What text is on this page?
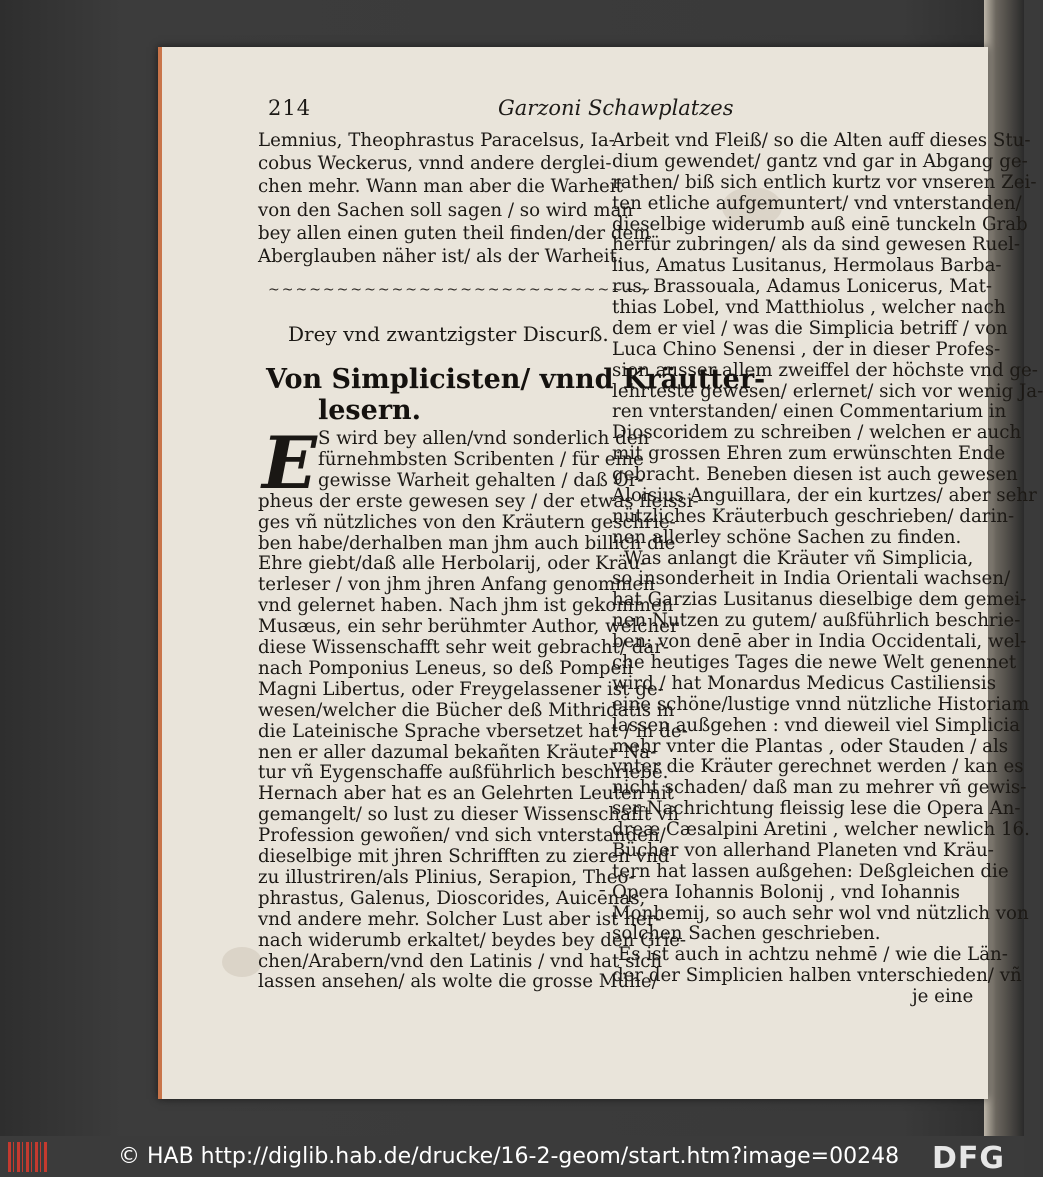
214	Garzoni Schawplatzes
Lemnius, Theophrastus Paracelsus, Ia-
cobus Weckerus, vnnd andere derglei-
chen mehr. Wann man aber die Warheit
von den Sachen soll sagen / so wird man
bey allen einen guten theil finden/der dem
Aberglauben näher ist/ als der Warheit.
~~~~~~~~~~~~~~~~~~~~~~~~~~~~
Drey vnd zwantzigster Discurß.
Von Simplicisten/ vnnd Kräutter-
lesern.
E S wird bey allen/vnd sonderlich den
fürnehmbsten Scribenten / für eine
gewisse Warheit gehalten / daß Or-
pheus der erste gewesen sey / der etwas fleissi-
ges vñ nützliches von den Kräutern geschrie-
ben habe/derhalben man jhm auch billich die
Ehre giebt/daß alle Herbolarij, oder Kräu-
terleser / von jhm jhren Anfang genommen
vnd gelernet haben. Nach jhm ist gekommen
Musæus, ein sehr berühmter Author, welcher
diese Wissenschafft sehr weit gebracht/ dar-
nach Pomponius Leneus, so deß Pompeii
Magni Libertus, oder Freygelassener ist ge-
wesen/welcher die Bücher deß Mithridatis in
die Lateinische Sprache vbersetzet hat / in de-
nen er aller dazumal bekañten Kräuter Na-
tur vñ Eygenschaffe außführlich beschriebẽ.
Hernach aber hat es an Gelehrten Leuten nit
gemangelt/ so lust zu dieser Wissenschafft vñ
Profession gewoñen/ vnd sich vnterstanden/
dieselbige mit jhren Schrifften zu zieren vnd
zu illustriren/als Plinius, Serapion, Theo-
phrastus, Galenus, Dioscorides, Auicēnas,
vnd andere mehr. Solcher Lust aber ist her-
nach widerumb erkaltet/ beydes bey den Grie-
chen/Arabern/vnd den Latinis / vnd hat sich
lassen ansehen/ als wolte die grosse Mühe/
Arbeit vnd Fleiß/ so die Alten auff dieses Stu-
dium gewendet/ gantz vnd gar in Abgang ge-
rathen/ biß sich entlich kurtz vor vnseren Zei-
ten etliche aufgemuntert/ vnd vnterstanden/
dieselbige widerumb auß einē tunckeln Grab
herfür zubringen/ als da sind gewesen Ruel-
lius, Amatus Lusitanus, Hermolaus Barba-
rus, Brassouala, Adamus Lonicerus, Mat-
thias Lobel, vnd Matthiolus , welcher nach
dem er viel / was die Simplicia betriff / von
Luca Chino Senensi , der in dieser Profes-
sion ausser allem zweiffel der höchste vnd ge-
lehrteste gewesen/ erlernet/ sich vor wenig Ja-
ren vnterstanden/ einen Commentarium in
Dioscoridem zu schreiben / welchen er auch
mit grossen Ehren zum erwünschten Ende
gebracht. Beneben diesen ist auch gewesen
Aloisius Anguillara, der ein kurtzes/ aber sehr
nützliches Kräuterbuch geschrieben/ darin-
nen allerley schöne Sachen zu finden.
Was anlangt die Kräuter vñ Simplicia,
so insonderheit in India Orientali wachsen/
hat Garzias Lusitanus dieselbige dem gemei-
nen Nutzen zu gutem/ außführlich beschrie-
ben: von denē aber in India Occidentali, wel-
che heutiges Tages die newe Welt genennet
wird / hat Monardus Medicus Castiliensis
eine schöne/lustige vnnd nützliche Historiam
lassen außgehen : vnd dieweil viel Simplicia
mehr vnter die Plantas , oder Stauden / als
vnter die Kräuter gerechnet werden / kan es
nicht schaden/ daß man zu mehrer vñ gewis-
ser Nachrichtung fleissig lese die Opera An-
dreæ Cæsalpini Aretini , welcher newlich 16.
Bücher von allerhand Planeten vnd Kräu-
tern hat lassen außgehen: Deßgleichen die
Opera Iohannis Bolonij , vnd Iohannis
Monhemij, so auch sehr wol vnd nützlich von
solchen Sachen geschrieben.
Es ist auch in achtzu nehmē / wie die Län-
der der Simplicien halben vnterschieden/ vñ
je eine
© HAB http://diglib.hab.de/drucke/16-2-geom/start.htm?image=00248 DFG
